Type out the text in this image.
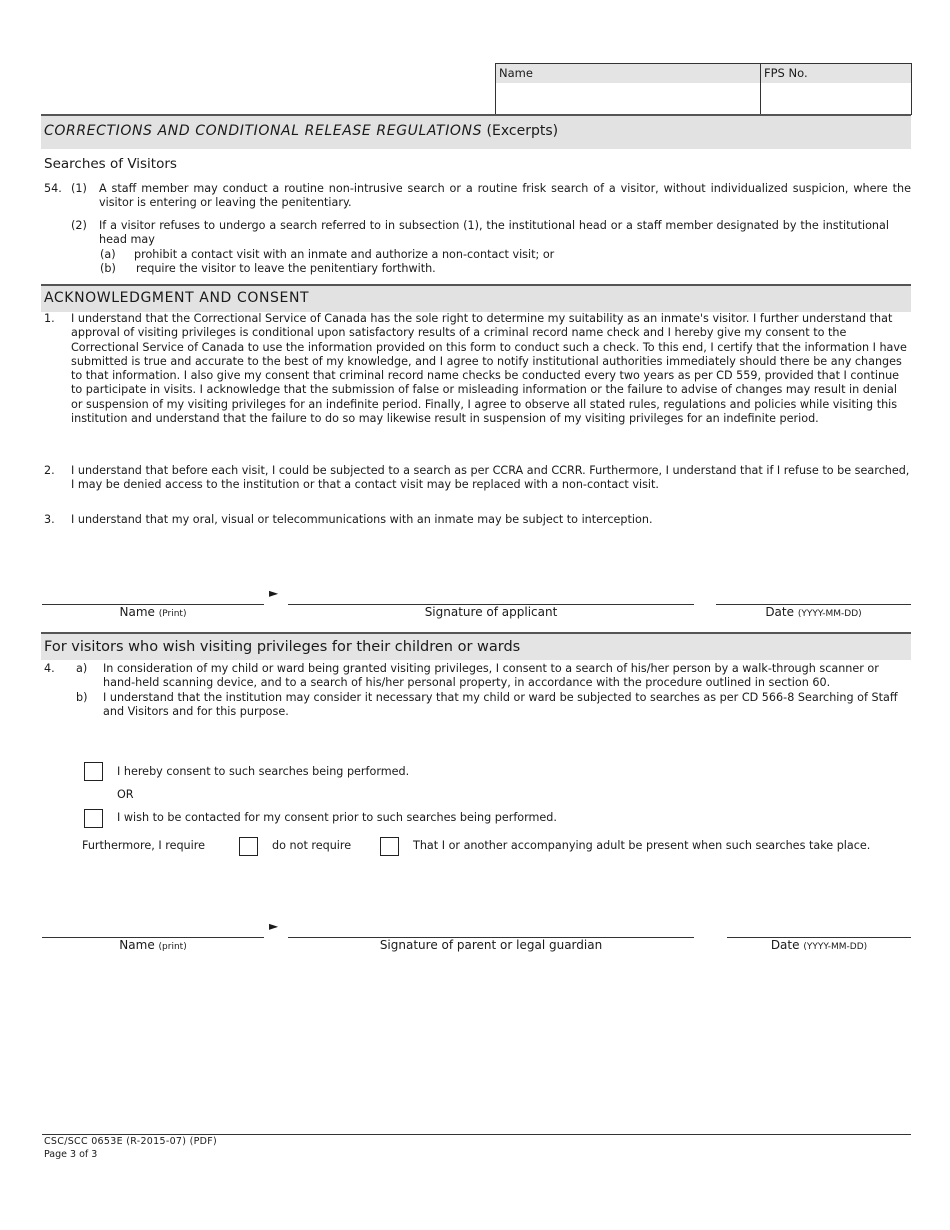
Name	FPS No.
CORRECTIONS AND CONDITIONAL RELEASE REGULATIONS (Excerpts)
Searches of Visitors
54. (1) A staff member may conduct a routine non-intrusive search or a routine frisk search of a visitor, without individualized suspicion, where the visitor is entering or leaving the penitentiary.
(2) If a visitor refuses to undergo a search referred to in subsection (1), the institutional head or a staff member designated by the institutional head may
(a) prohibit a contact visit with an inmate and authorize a non-contact visit; or
(b) require the visitor to leave the penitentiary forthwith.
ACKNOWLEDGMENT AND CONSENT
1. I understand that the Correctional Service of Canada has the sole right to determine my suitability as an inmate's visitor. I further understand that approval of visiting privileges is conditional upon satisfactory results of a criminal record name check and I hereby give my consent to the Correctional Service of Canada to use the information provided on this form to conduct such a check. To this end, I certify that the information I have submitted is true and accurate to the best of my knowledge, and I agree to notify institutional authorities immediately should there be any changes to that information. I also give my consent that criminal record name checks be conducted every two years as per CD 559, provided that I continue to participate in visits. I acknowledge that the submission of false or misleading information or the failure to advise of changes may result in denial or suspension of my visiting privileges for an indefinite period. Finally, I agree to observe all stated rules, regulations and policies while visiting this institution and understand that the failure to do so may likewise result in suspension of my visiting privileges for an indefinite period.
2. I understand that before each visit, I could be subjected to a search as per CCRA and CCRR. Furthermore, I understand that if I refuse to be searched, I may be denied access to the institution or that a contact visit may be replaced with a non-contact visit.
3. I understand that my oral, visual or telecommunications with an inmate may be subject to interception.
►
Name (Print)	Signature of applicant	Date (YYYY-MM-DD)
For visitors who wish visiting privileges for their children or wards
4. a) In consideration of my child or ward being granted visiting privileges, I consent to a search of his/her person by a walk-through scanner or hand-held scanning device, and to a search of his/her personal property, in accordance with the procedure outlined in section 60.
b) I understand that the institution may consider it necessary that my child or ward be subjected to searches as per CD 566-8 Searching of Staff and Visitors and for this purpose.
I hereby consent to such searches being performed.
OR
I wish to be contacted for my consent prior to such searches being performed.
Furthermore, I require	do not require	That I or another accompanying adult be present when such searches take place.
►
Name (print)	Signature of parent or legal guardian	Date (YYYY-MM-DD)
CSC/SCC 0653E (R-2015-07) (PDF)
Page 3 of 3
